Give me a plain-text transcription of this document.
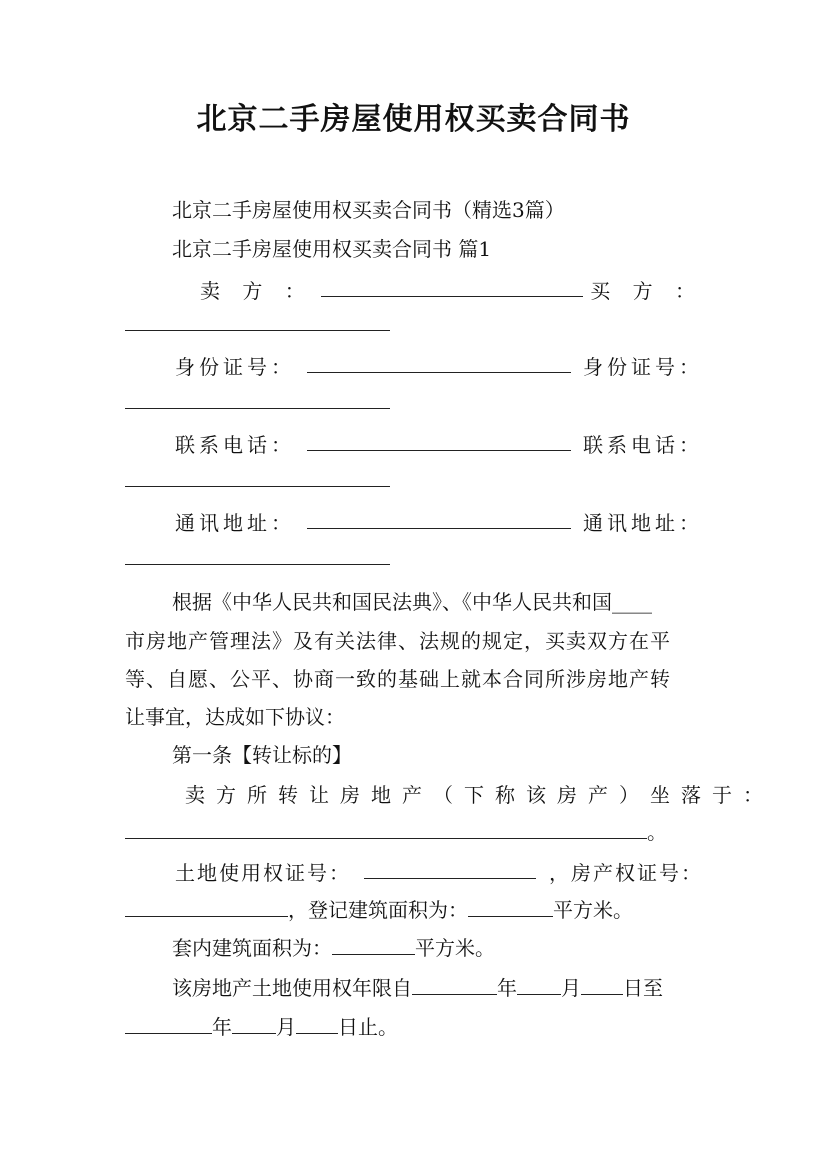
北京二手房屋使用权买卖合同书
北京二手房屋使用权买卖合同书（精选3篇）
北京二手房屋使用权买卖合同书 篇1
卖 方 ：	买 方 ：
身份证号：	身份证号：
联系电话：	联系电话：
通讯地址：	通讯地址：
根据《中华人民共和国民法典》、《中华人民共和国____
市房地产管理法》及有关法律、法规的规定，买卖双方在平
等、自愿、公平、协商一致的基础上就本合同所涉房地产转
让事宜，达成如下协议：
第一条【转让标的】
卖方所转让房地产（下称该房产）坐落于：
。
土地使用权证号：	，房产权证号：
，登记建筑面积为：	平方米。
套内建筑面积为：	平方米。
该房地产土地使用权年限自	年 月 日至
年 月 日止。
